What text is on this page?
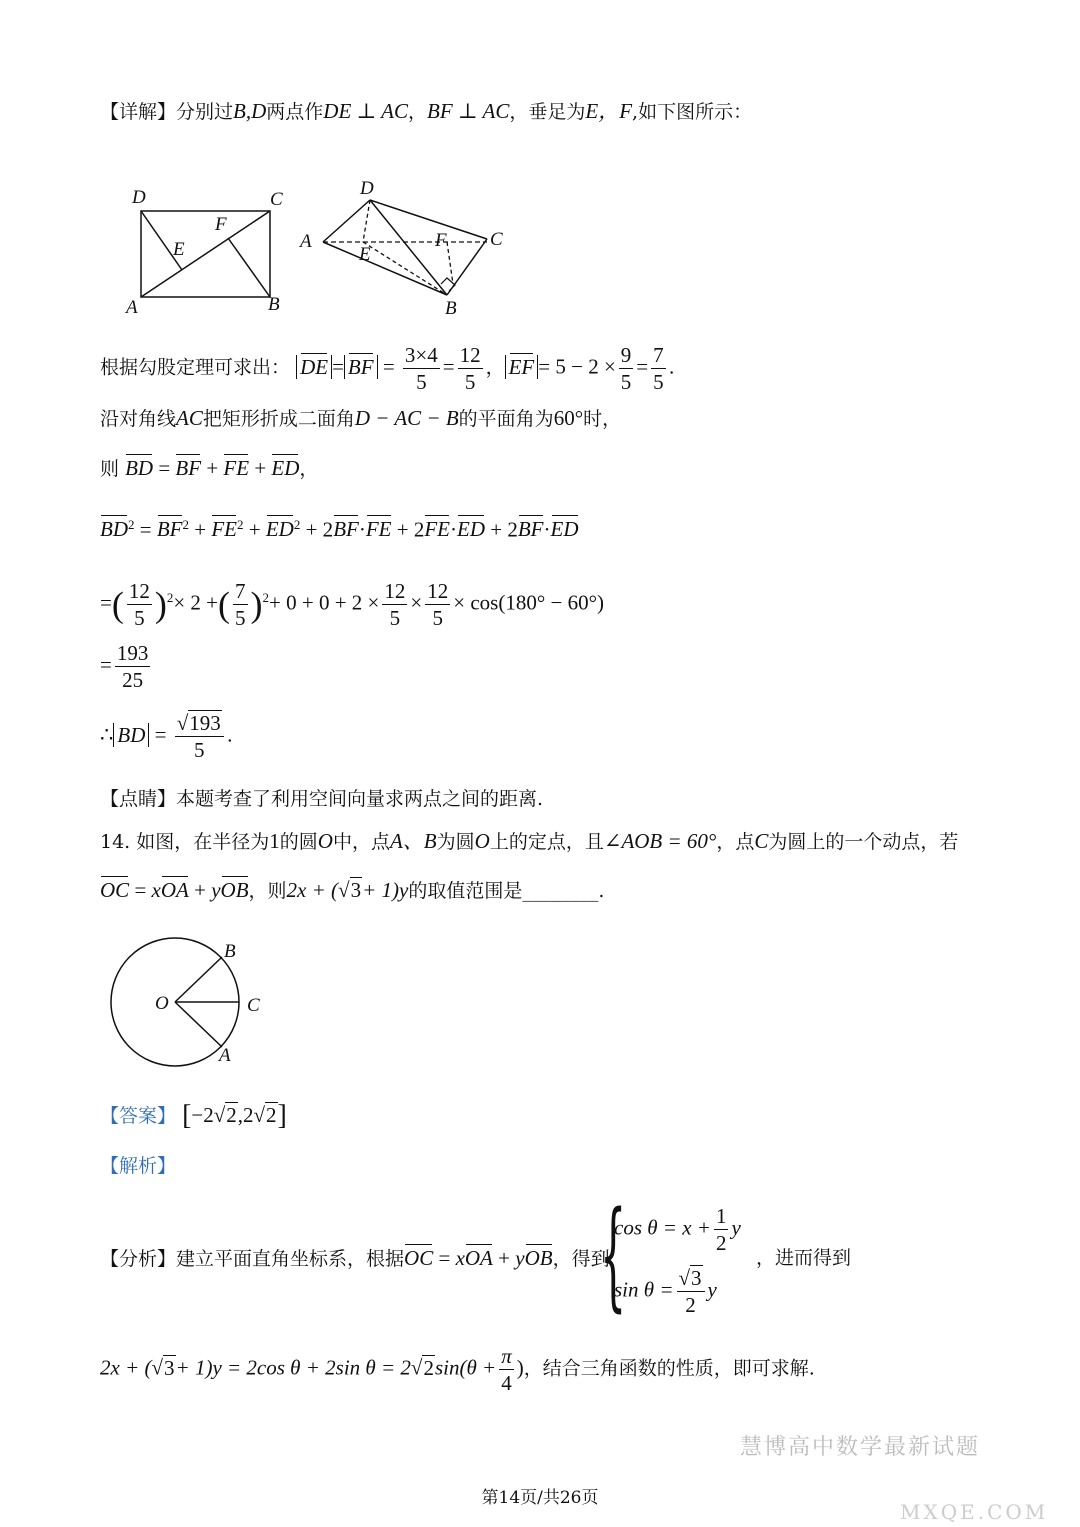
【详解】分别过B,D两点作DE ⊥ AC，BF ⊥ AC，垂足为E，F,如下图所示：
D	C
A	B
E
F
D
C
A
B
E
F
根据勾股定理可求出： DE = BF = $\frac{3\times 4}{5} = \frac{12}{5}$ ， EF = $5 - 2 \times \frac{9}{5} = \frac{7}{5}$ .
沿对角线AC把矩形折成二面角D − AC − B的平面角为60°时，
则 BD = BF + FE + ED，
$BD^2 = BF^2 + FE^2 + ED^2 + 2BF\cdot FE + 2FE\cdot ED + 2BF\cdot ED$
=( $\frac{12}{5} )^2\times 2$ +( $\frac{7}{5} )^2+ 0 + 0 + 2 \times \frac{12}{5} \times \frac{12}{5} \times \cos(180^\circ - 60^\circ)$
= $\frac{193}{25}$
∴ BD = $\frac{√193}{5}$ .
【点睛】本题考查了利用空间向量求两点之间的距离.
14. 如图，在半径为1的圆O中，点A、B为圆O上的定点，且∠AOB = 60°，点C为圆上的一个动点，若
OC = xOA + yOB，则2x + (√3+ 1)y的取值范围是________.
O
B
C
A
【答案】 [−2√2,2√2]
【解析】
【分析】建立平面直角坐标系，根据OC = xOA + yOB，得到
{
$\cos \theta = x + \frac{1}{2}$ y
$\sin \theta = \frac{√3}{2}$ y
，进而得到
2x + (√3+ 1)y = 2cos θ + 2sin $\theta = 2√2\sin(\theta + \frac{\pi}{4}$ )，结合三角函数的性质，即可求解.
慧博高中数学最新试题
MXQE.COM
第14页/共26页
